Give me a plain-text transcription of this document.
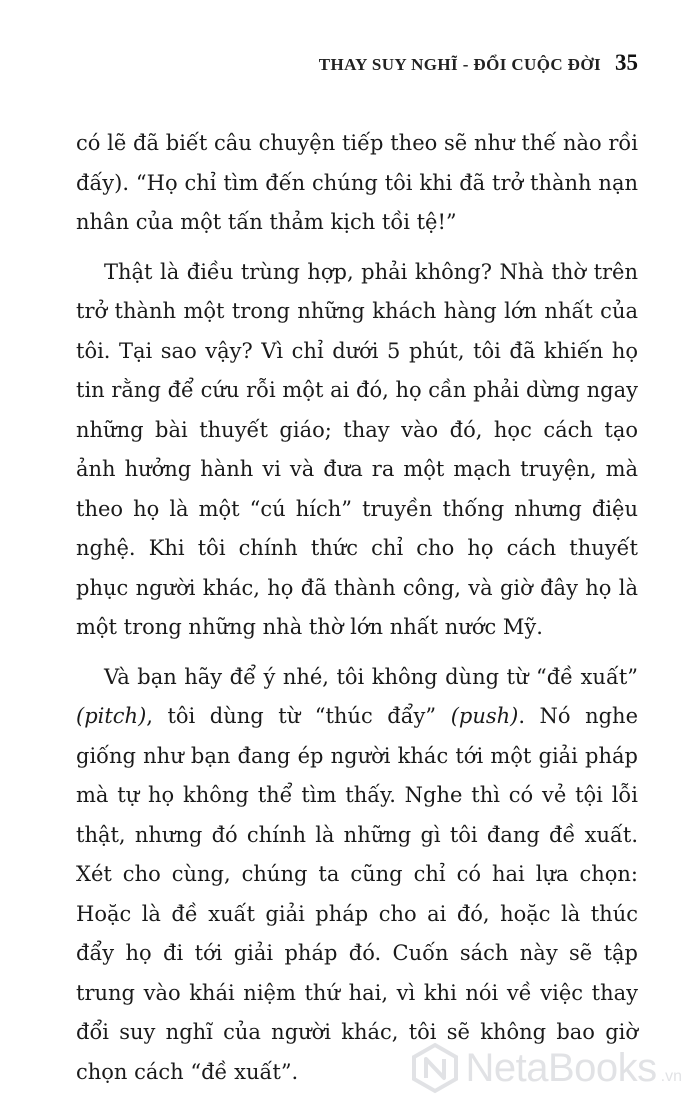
THAY SUY NGHĨ - ĐỔI CUỘC ĐỜI 35

có lẽ đã biết câu chuyện tiếp theo sẽ như thế nào rồi đấy). “Họ chỉ tìm đến chúng tôi khi đã trở thành nạn nhân của một tấn thảm kịch tồi tệ!”

Thật là điều trùng hợp, phải không? Nhà thờ trên trở thành một trong những khách hàng lớn nhất của tôi. Tại sao vậy? Vì chỉ dưới 5 phút, tôi đã khiến họ tin rằng để cứu rỗi một ai đó, họ cần phải dừng ngay những bài thuyết giáo; thay vào đó, học cách tạo ảnh hưởng hành vi và đưa ra một mạch truyện, mà theo họ là một “cú hích” truyền thống nhưng điệu nghệ. Khi tôi chính thức chỉ cho họ cách thuyết phục người khác, họ đã thành công, và giờ đây họ là một trong những nhà thờ lớn nhất nước Mỹ.

Và bạn hãy để ý nhé, tôi không dùng từ “đề xuất” (pitch), tôi dùng từ “thúc đẩy” (push). Nó nghe giống như bạn đang ép người khác tới một giải pháp mà tự họ không thể tìm thấy. Nghe thì có vẻ tội lỗi thật, nhưng đó chính là những gì tôi đang đề xuất. Xét cho cùng, chúng ta cũng chỉ có hai lựa chọn: Hoặc là đề xuất giải pháp cho ai đó, hoặc là thúc đẩy họ đi tới giải pháp đó. Cuốn sách này sẽ tập trung vào khái niệm thứ hai, vì khi nói về việc thay đổi suy nghĩ của người khác, tôi sẽ không bao giờ chọn cách “đề xuất”.	NetaBooks .vn
